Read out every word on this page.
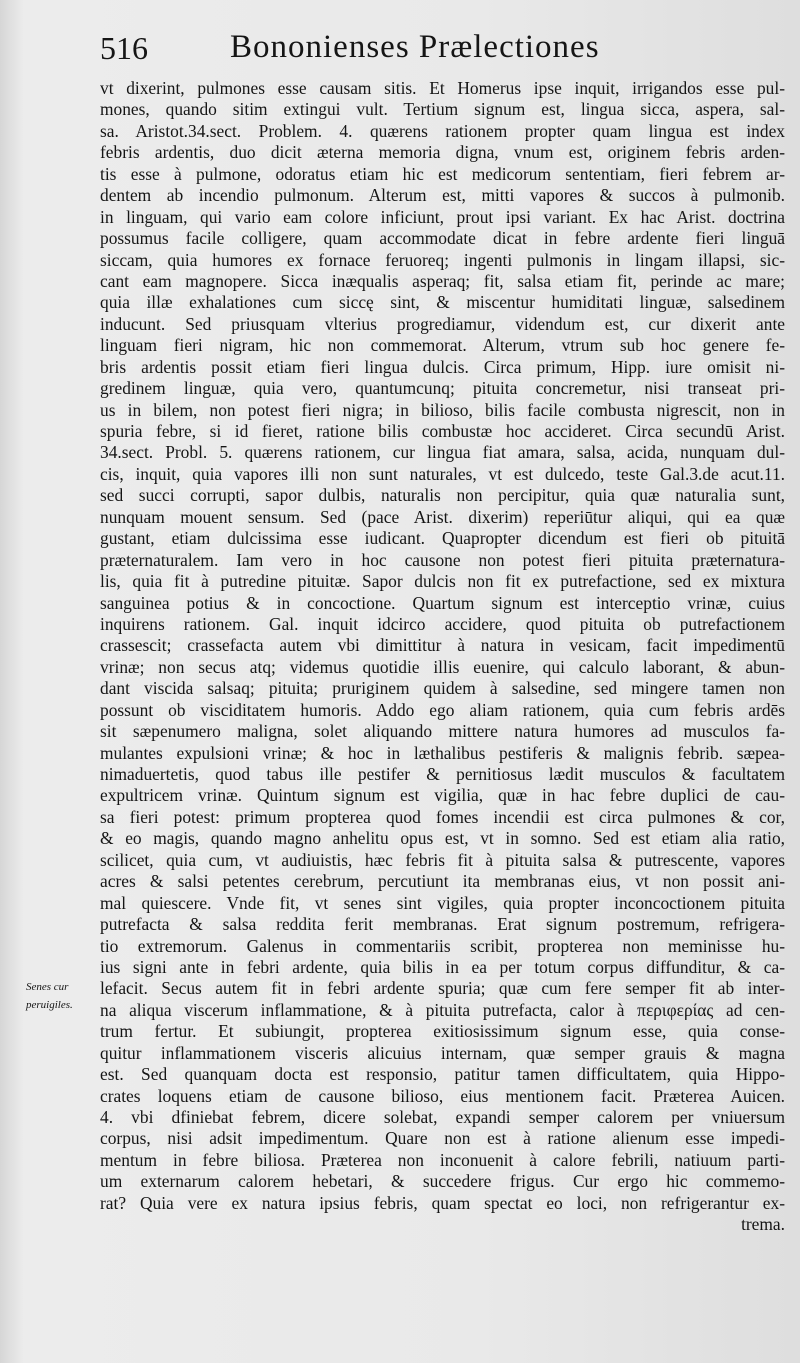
516 Bononienses Prælectiones
Senes cur
peruigiles.
vt dixerint, pulmones esse causam sitis. Et Homerus ipse inquit, irrigandos esse pul-
mones, quando sitim extingui vult. Tertium signum est, lingua sicca, aspera, sal-
sa. Aristot.34.sect. Problem. 4. quærens rationem propter quam lingua est index
febris ardentis, duo dicit æterna memoria digna, vnum est, originem febris arden-
tis esse à pulmone, odoratus etiam hic est medicorum sententiam, fieri febrem ar-
dentem ab incendio pulmonum. Alterum est, mitti vapores & succos à pulmonib.
in linguam, qui vario eam colore inficiunt, prout ipsi variant. Ex hac Arist. doctrina
possumus facile colligere, quam accommodate dicat in febre ardente fieri linguā
siccam, quia humores ex fornace feruoreq; ingenti pulmonis in lingam illapsi, sic-
cant eam magnopere. Sicca inæqualis asperaq; fit, salsa etiam fit, perinde ac mare;
quia illæ exhalationes cum siccę sint, & miscentur humiditati linguæ, salsedinem
inducunt. Sed priusquam vlterius progrediamur, videndum est, cur dixerit ante
linguam fieri nigram, hic non commemorat. Alterum, vtrum sub hoc genere fe-
bris ardentis possit etiam fieri lingua dulcis. Circa primum, Hipp. iure omisit ni-
gredinem linguæ, quia vero, quantumcunq; pituita concremetur, nisi transeat pri-
us in bilem, non potest fieri nigra; in bilioso, bilis facile combusta nigrescit, non in
spuria febre, si id fieret, ratione bilis combustæ hoc accideret. Circa secundū Arist.
34.sect. Probl. 5. quærens rationem, cur lingua fiat amara, salsa, acida, nunquam dul-
cis, inquit, quia vapores illi non sunt naturales, vt est dulcedo, teste Gal.3.de acut.11.
sed succi corrupti, sapor dulbis, naturalis non percipitur, quia quæ naturalia sunt,
nunquam mouent sensum. Sed (pace Arist. dixerim) reperiūtur aliqui, qui ea quæ
gustant, etiam dulcissima esse iudicant. Quapropter dicendum est fieri ob pituitā
præternaturalem. Iam vero in hoc causone non potest fieri pituita præternatura-
lis, quia fit à putredine pituitæ. Sapor dulcis non fit ex putrefactione, sed ex mixtura
sanguinea potius & in concoctione. Quartum signum est interceptio vrinæ, cuius
inquirens rationem. Gal. inquit idcirco accidere, quod pituita ob putrefactionem
crassescit; crassefacta autem vbi dimittitur à natura in vesicam, facit impedimentū
vrinæ; non secus atq; videmus quotidie illis euenire, qui calculo laborant, & abun-
dant viscida salsaq; pituita; pruriginem quidem à salsedine, sed mingere tamen non
possunt ob visciditatem humoris. Addo ego aliam rationem, quia cum febris ardēs
sit sæpenumero maligna, solet aliquando mittere natura humores ad musculos fa-
mulantes expulsioni vrinæ; & hoc in læthalibus pestiferis & malignis febrib. sæpea-
nimaduertetis, quod tabus ille pestifer & pernitiosus lædit musculos & facultatem
expultricem vrinæ. Quintum signum est vigilia, quæ in hac febre duplici de cau-
sa fieri potest: primum propterea quod fomes incendii est circa pulmones & cor,
& eo magis, quando magno anhelitu opus est, vt in somno. Sed est etiam alia ratio,
scilicet, quia cum, vt audiuistis, hæc febris fit à pituita salsa & putrescente, vapores
acres & salsi petentes cerebrum, percutiunt ita membranas eius, vt non possit ani-
mal quiescere. Vnde fit, vt senes sint vigiles, quia propter inconcoctionem pituita
putrefacta & salsa reddita ferit membranas. Erat signum postremum, refrigera-
tio extremorum. Galenus in commentariis scribit, propterea non meminisse hu-
ius signi ante in febri ardente, quia bilis in ea per totum corpus diffunditur, & ca-
lefacit. Secus autem fit in febri ardente spuria; quæ cum fere semper fit ab inter-
na aliqua viscerum inflammatione, & à pituita putrefacta, calor à περιφερίας ad cen-
trum fertur. Et subiungit, propterea exitiosissimum signum esse, quia conse-
quitur inflammationem visceris alicuius internam, quæ semper grauis & magna
est. Sed quanquam docta est responsio, patitur tamen difficultatem, quia Hippo-
crates loquens etiam de causone bilioso, eius mentionem facit. Præterea Auicen.
4. vbi dfiniebat febrem, dicere solebat, expandi semper calorem per vniuersum
corpus, nisi adsit impedimentum. Quare non est à ratione alienum esse impedi-
mentum in febre biliosa. Præterea non inconuenit à calore febrili, natiuum parti-
um externarum calorem hebetari, & succedere frigus. Cur ergo hic commemo-
rat? Quia vere ex natura ipsius febris, quam spectat eo loci, non refrigerantur ex-
trema.
